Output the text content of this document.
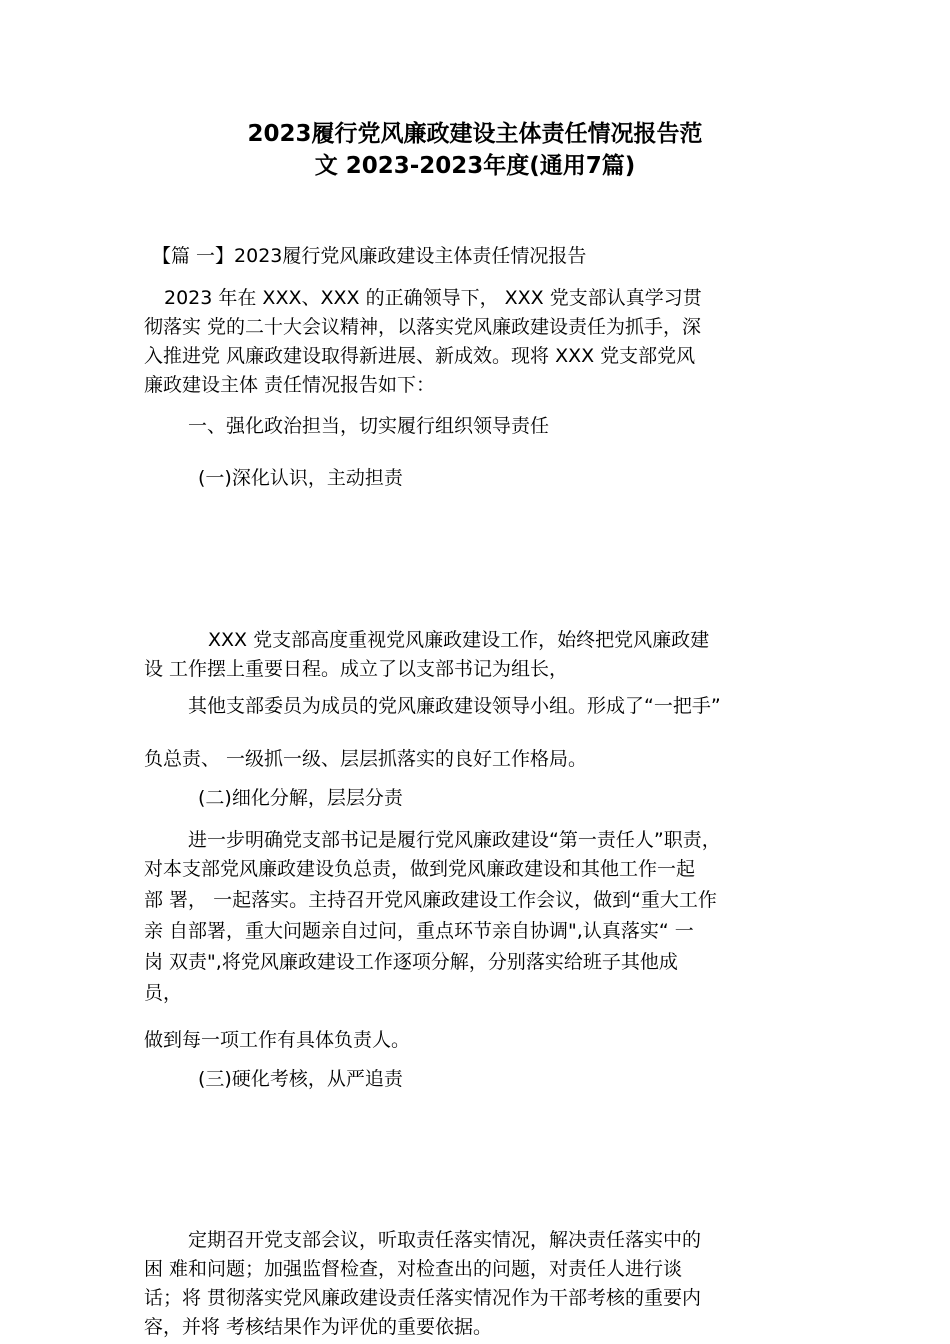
2023履行党风廉政建设主体责任情况报告范
文 2023-2023年度(通用7篇)

【篇 一】2023履行党风廉政建设主体责任情况报告

2023 年在 XXX、XXX 的正确领导下， XXX 党支部认真学习贯

彻落实 党的二十大会议精神，以落实党风廉政建设责任为抓手，深

入推进党 风廉政建设取得新进展、新成效。现将 XXX 党支部党风

廉政建设主体 责任情况报告如下：

一、强化政治担当，切实履行组织领导责任

(一)深化认识，主动担责

XXX 党支部高度重视党风廉政建设工作，始终把党风廉政建

设 工作摆上重要日程。成立了以支部书记为组长，

其他支部委员为成员的党风廉政建设领导小组。形成了“一把手”

负总责、 一级抓一级、层层抓落实的良好工作格局。

(二)细化分解，层层分责

进一步明确党支部书记是履行党风廉政建设“第一责任人”职责，

对本支部党风廉政建设负总责，做到党风廉政建设和其他工作一起

部 署， 一起落实。主持召开党风廉政建设工作会议，做到“重大工作

亲 自部署，重大问题亲自过问，重点环节亲自协调",认真落实“ 一

岗 双责",将党风廉政建设工作逐项分解，分别落实给班子其他成

员，

做到每一项工作有具体负责人。

(三)硬化考核，从严追责

定期召开党支部会议，听取责任落实情况，解决责任落实中的

困 难和问题；加强监督检查，对检查出的问题，对责任人进行谈

话；将 贯彻落实党风廉政建设责任落实情况作为干部考核的重要内

容，并将 考核结果作为评优的重要依据。
